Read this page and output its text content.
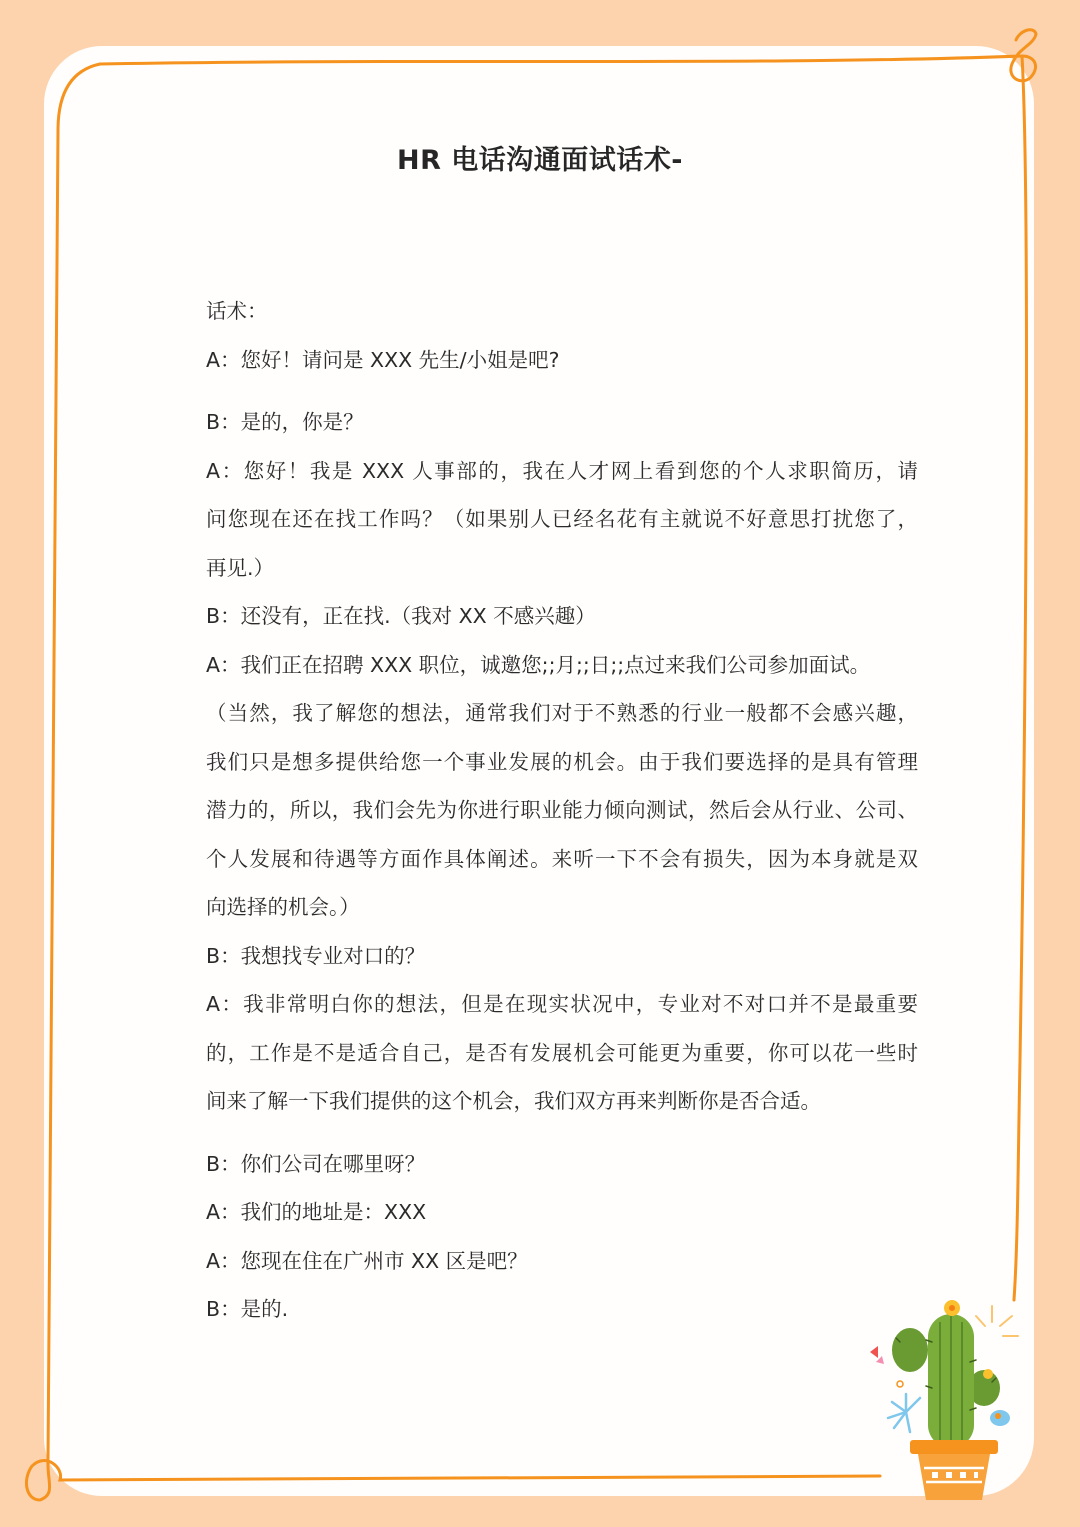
HR 电话沟通面试话术-
话术：
A：您好！请问是 XXX 先生/小姐是吧?
B：是的，你是？
A：您好！我是 XXX 人事部的，我在人才网上看到您的个人求职简历，请
问您现在还在找工作吗？（如果别人已经名花有主就说不好意思打扰您了，
再见.）
B：还没有，正在找.（我对 XX 不感兴趣）
A：我们正在招聘 XXX 职位，诚邀您;;月;;日;;点过来我们公司参加面试。
（当然，我了解您的想法，通常我们对于不熟悉的行业一般都不会感兴趣，
我们只是想多提供给您一个事业发展的机会。由于我们要选择的是具有管理
潜力的，所以，我们会先为你进行职业能力倾向测试，然后会从行业、公司、
个人发展和待遇等方面作具体阐述。来听一下不会有损失，因为本身就是双
向选择的机会。）
B：我想找专业对口的？
A：我非常明白你的想法，但是在现实状况中，专业对不对口并不是最重要
的，工作是不是适合自己，是否有发展机会可能更为重要，你可以花一些时
间来了解一下我们提供的这个机会，我们双方再来判断你是否合适。
B：你们公司在哪里呀？
A：我们的地址是：XXX
A：您现在住在广州市 XX 区是吧？
B：是的.
